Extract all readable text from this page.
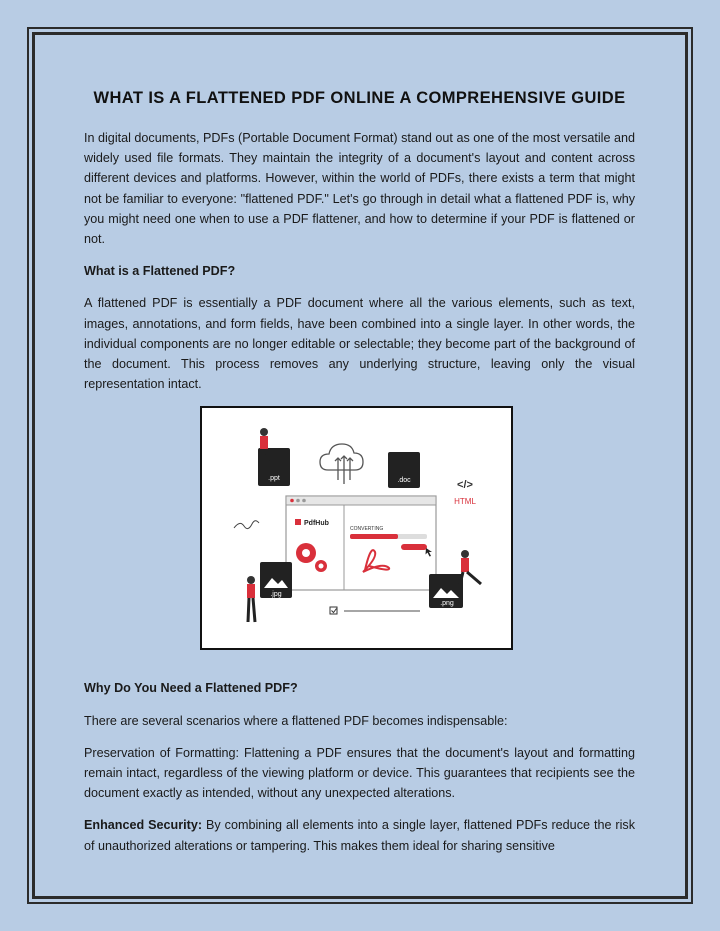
WHAT IS A FLATTENED PDF ONLINE A COMPREHENSIVE GUIDE

In digital documents, PDFs (Portable Document Format) stand out as one of the most versatile and widely used file formats. They maintain the integrity of a document's layout and content across different devices and platforms. However, within the world of PDFs, there exists a term that might not be familiar to everyone: "flattened PDF." Let's go through in detail what a flattened PDF is, why you might need one when to use a PDF flattener, and how to determine if your PDF is flattened or not.

What is a Flattened PDF?

A flattened PDF is essentially a PDF document where all the various elements, such as text, images, annotations, and form fields, have been combined into a single layer. In other words, the individual components are no longer editable or selectable; they become part of the background of the document. This process removes any underlying structure, leaving only the visual representation intact.

.ppt	.doc	</>
HTML
PdfHub
CONVERTING
.jpg
.png

Why Do You Need a Flattened PDF?

There are several scenarios where a flattened PDF becomes indispensable:

Preservation of Formatting: Flattening a PDF ensures that the document's layout and formatting remain intact, regardless of the viewing platform or device. This guarantees that recipients see the document exactly as intended, without any unexpected alterations.

Enhanced Security: By combining all elements into a single layer, flattened PDFs reduce the risk of unauthorized alterations or tampering. This makes them ideal for sharing sensitive
